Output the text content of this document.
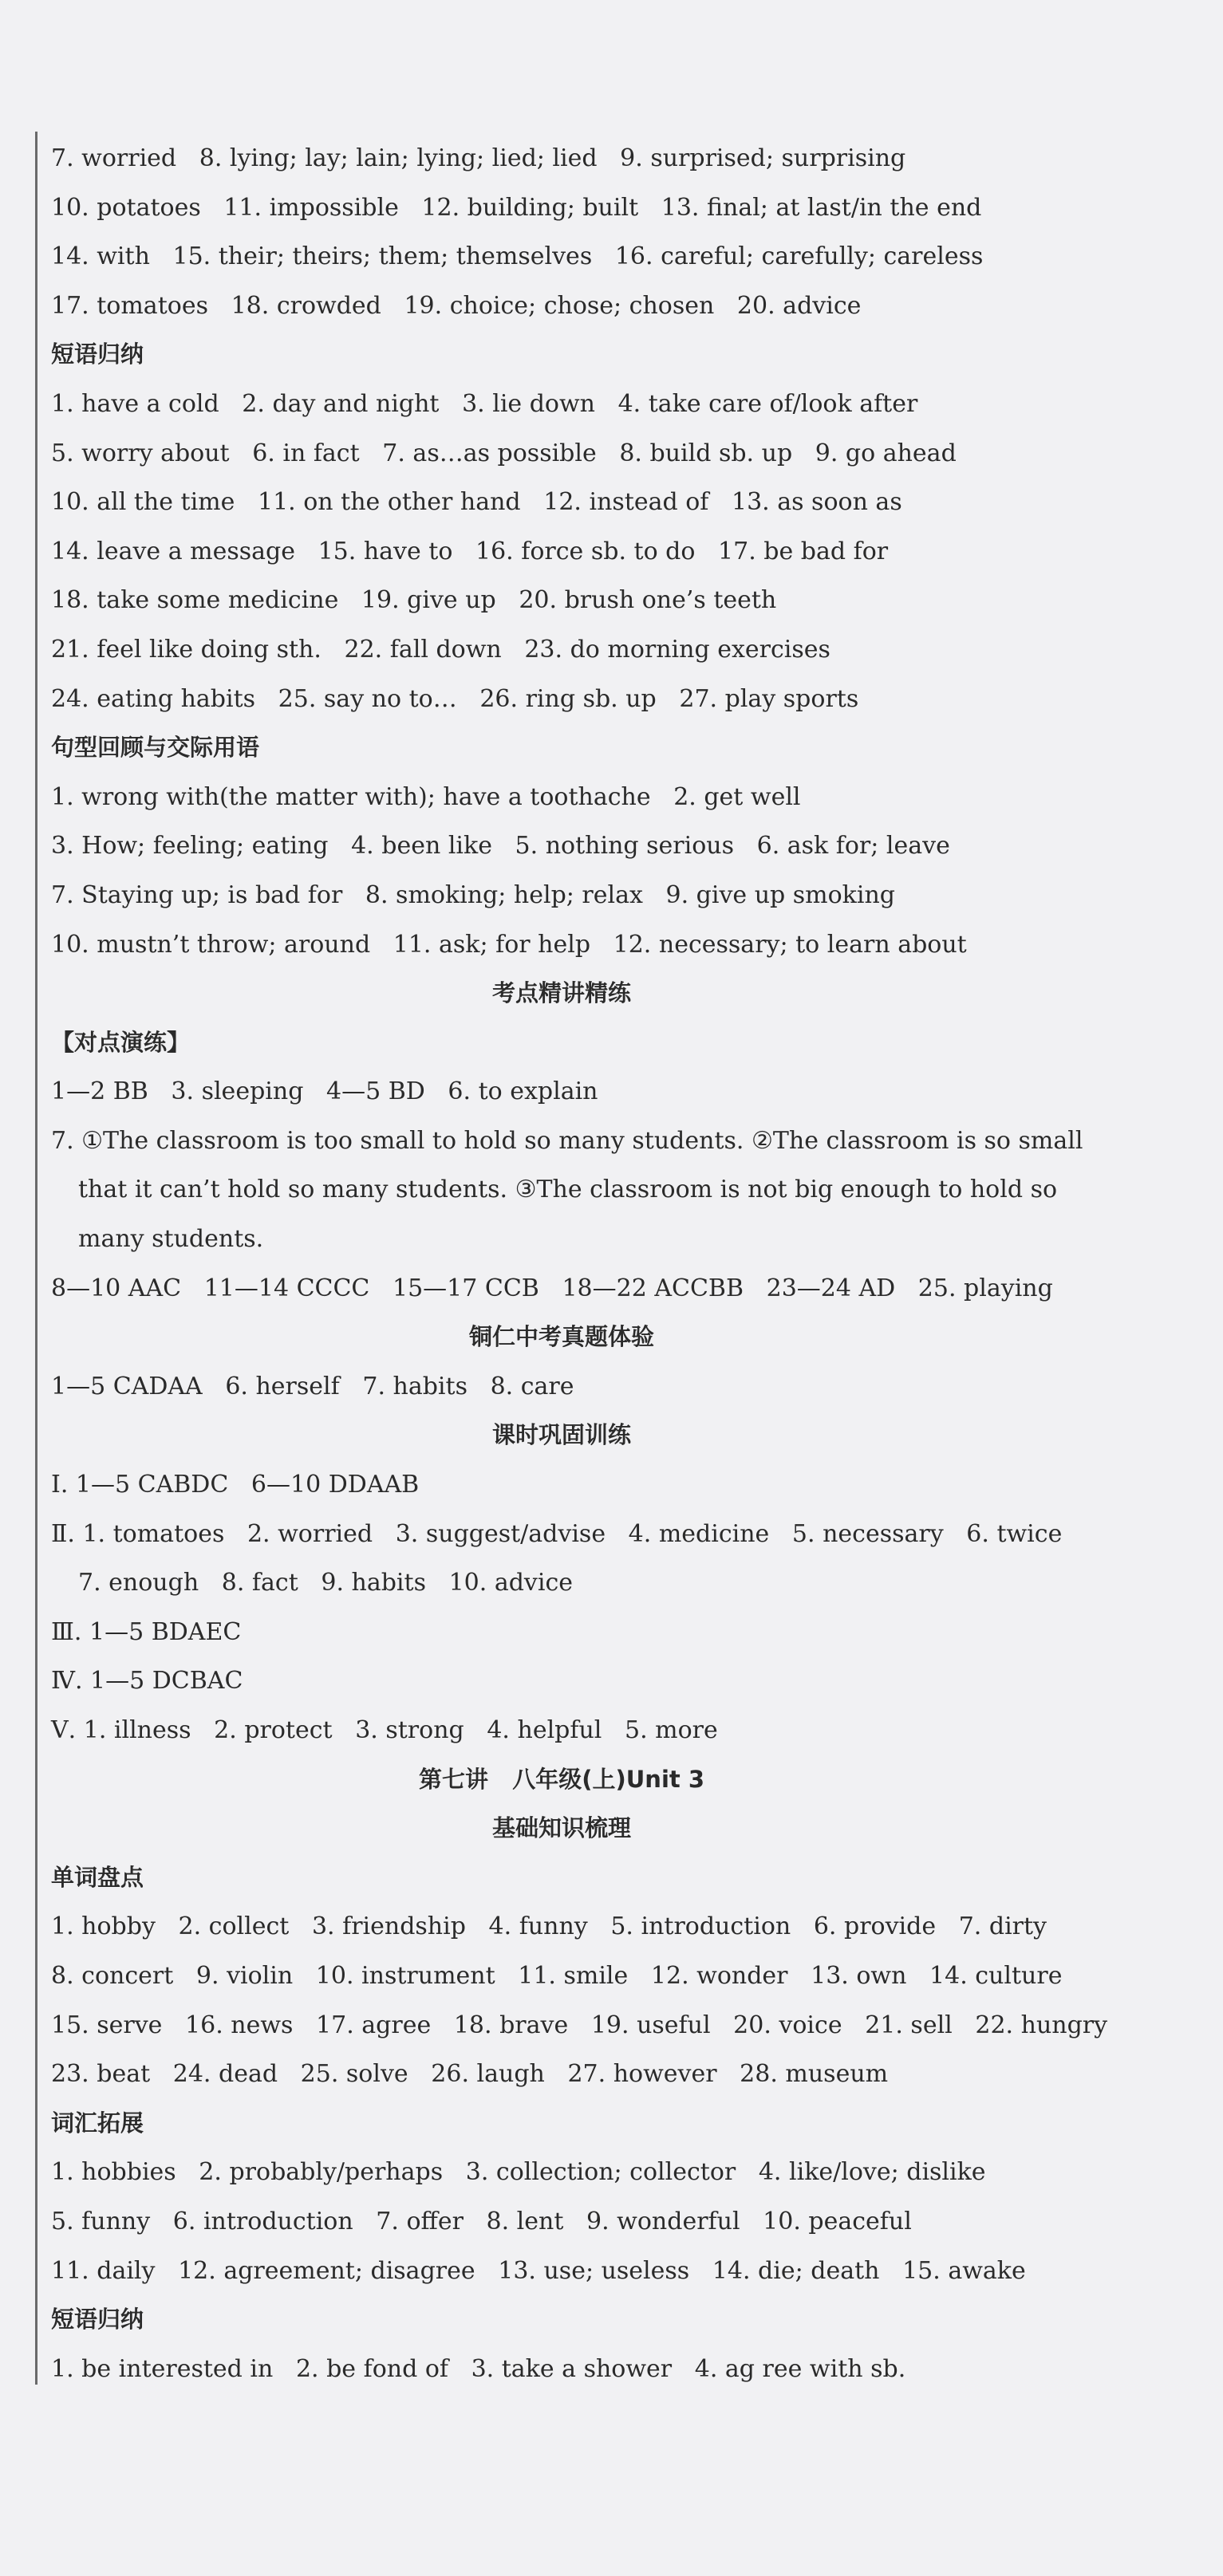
7. worried   8. lying; lay; lain; lying; lied; lied   9. surprised; surprising
10. potatoes   11. impossible   12. building; built   13. final; at last/in the end
14. with   15. their; theirs; them; themselves   16. careful; carefully; careless
17. tomatoes   18. crowded   19. choice; chose; chosen   20. advice
短语归纳
1. have a cold   2. day and night   3. lie down   4. take care of/look after
5. worry about   6. in fact   7. as…as possible   8. build sb. up   9. go ahead
10. all the time   11. on the other hand   12. instead of   13. as soon as
14. leave a message   15. have to   16. force sb. to do   17. be bad for
18. take some medicine   19. give up   20. brush one’s teeth
21. feel like doing sth.   22. fall down   23. do morning exercises
24. eating habits   25. say no to…   26. ring sb. up   27. play sports
句型回顾与交际用语
1. wrong with(the matter with); have a toothache   2. get well
3. How; feeling; eating   4. been like   5. nothing serious   6. ask for; leave
7. Staying up; is bad for   8. smoking; help; relax   9. give up smoking
10. mustn’t throw; around   11. ask; for help   12. necessary; to learn about
考点精讲精练
【对点演练】
1—2 BB   3. sleeping   4—5 BD   6. to explain
7. ①The classroom is too small to hold so many students. ②The classroom is so small
that it can’t hold so many students. ③The classroom is not big enough to hold so
many students.
8—10 AAC   11—14 CCCC   15—17 CCB   18—22 ACCBB   23—24 AD   25. playing
铜仁中考真题体验
1—5 CADAA   6. herself   7. habits   8. care
课时巩固训练
Ⅰ. 1—5 CABDC   6—10 DDAAB
Ⅱ. 1. tomatoes   2. worried   3. suggest/advise   4. medicine   5. necessary   6. twice
7. enough   8. fact   9. habits   10. advice
Ⅲ. 1—5 BDAEC
Ⅳ. 1—5 DCBAC
Ⅴ. 1. illness   2. protect   3. strong   4. helpful   5. more
第七讲   八年级(上)Unit 3
基础知识梳理
单词盘点
1. hobby   2. collect   3. friendship   4. funny   5. introduction   6. provide   7. dirty
8. concert   9. violin   10. instrument   11. smile   12. wonder   13. own   14. culture
15. serve   16. news   17. agree   18. brave   19. useful   20. voice   21. sell   22. hungry
23. beat   24. dead   25. solve   26. laugh   27. however   28. museum
词汇拓展
1. hobbies   2. probably/perhaps   3. collection; collector   4. like/love; dislike
5. funny   6. introduction   7. offer   8. lent   9. wonderful   10. peaceful
11. daily   12. agreement; disagree   13. use; useless   14. die; death   15. awake
短语归纳
1. be interested in   2. be fond of   3. take a shower   4. ag ree with sb.
